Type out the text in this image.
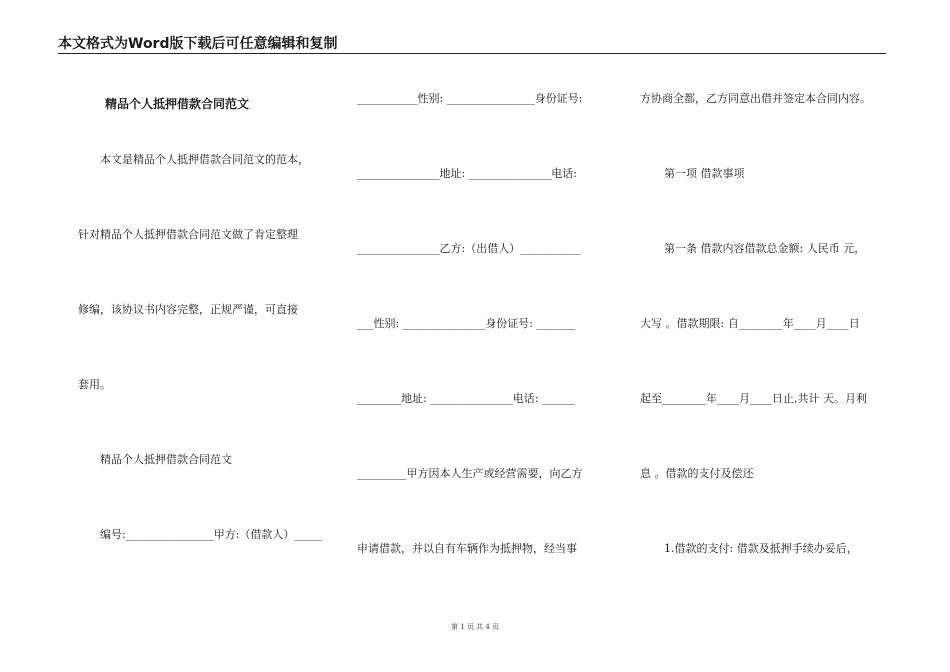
本文格式为Word版下载后可任意编辑和复制
精品个人抵押借款合同范文
本文是精品个人抵押借款合同范文的范本，
针对精品个人抵押借款合同范文做了肯定整理
修编，该协议书内容完整，正规严谨，可直接
套用。
精品个人抵押借款合同范文
编号:________________甲方:（借款人）_____
___________性别: ________________身份证号:
_______________地址: _______________电话:
_______________乙方:（出借人）___________
___性别: _______________身份证号: _______
________地址: _______________电话: ______
_________甲方因本人生产或经营需要，向乙方
申请借款，并以自有车辆作为抵押物，经当事
方协商全都，乙方同意出借并签定本合同内容。
第一项 借款事项
第一条 借款内容借款总金额: 人民币 元，
大写 。借款期限: 自________年____月____日
起至________年____月____日止,共计 天。月利
息 。借款的支付及偿还
1.借款的支付: 借款及抵押手续办妥后，
第 1 页 共 4 页
